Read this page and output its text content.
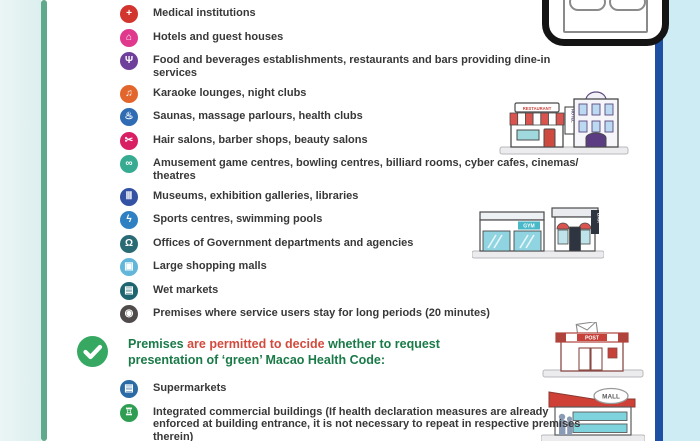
+	Medical institutions
⌂	Hotels and guest houses
Ψ	Food and beverages establishments, restaurants and bars providing dine-in services
♫	Karaoke lounges, night clubs
♨	Saunas, massage parlours, health clubs
✂	Hair salons, barber shops, beauty salons
∞	Amusement game centres, bowling centres, billiard rooms, cyber cafes, cinemas/ theatres
Ⅲ	Museums, exhibition galleries, libraries
ϟ	Sports centres, swimming pools
Ω	Offices of Government departments and agencies
▣	Large shopping malls
▤	Wet markets
◉	Premises where service users stay for long periods (20 minutes)
Premises are permitted to decide whether to request presentation of ‘green’ Macao Health Code:
▤	Supermarkets
♖	Integrated commercial buildings (If health declaration measures are already enforced at building entrance, it is not necessary to repeat in respective premises therein)
RESTAURANT
HOTEL
GYM
BAR
POST
MALL
